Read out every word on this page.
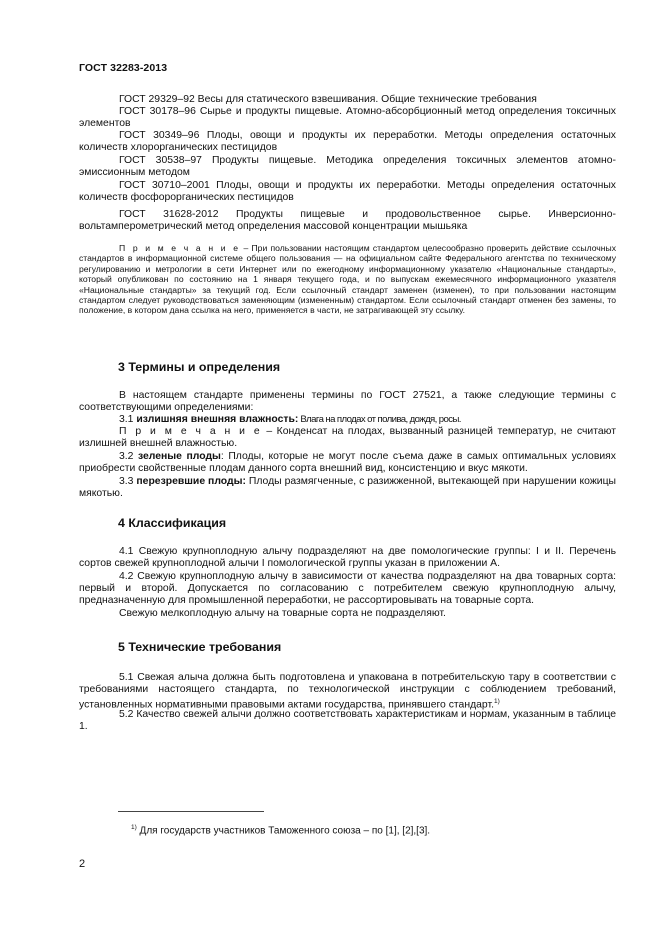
ГОСТ 32283-2013
ГОСТ 29329–92 Весы для статического взвешивания. Общие технические требования
ГОСТ 30178–96 Сырье и продукты пищевые. Атомно-абсорбционный метод определения токсичных элементов
ГОСТ 30349–96 Плоды, овощи и продукты их переработки. Методы определения остаточных количеств хлорорганических пестицидов
ГОСТ 30538–97 Продукты пищевые. Методика определения токсичных элементов атомно-эмиссионным методом
ГОСТ 30710–2001 Плоды, овощи и продукты их переработки. Методы определения остаточных количеств фосфорорганических пестицидов
ГОСТ 31628-2012 Продукты пищевые и продовольственное сырье. Инверсионно-вольтамперометрический метод определения массовой концентрации мышьяка
П р и м е ч а н и е – При пользовании настоящим стандартом целесообразно проверить действие ссылочных стандартов в информационной системе общего пользования — на официальном сайте Федерального агентства по техническому регулированию и метрологии в сети Интернет или по ежегодному информационному указателю «Национальные стандарты», который опубликован по состоянию на 1 января текущего года, и по выпускам ежемесячного информационного указателя «Национальные стандарты» за текущий год. Если ссылочный стандарт заменен (изменен), то при пользовании настоящим стандартом следует руководствоваться заменяющим (измененным) стандартом. Если ссылочный стандарт отменен без замены, то положение, в котором дана ссылка на него, применяется в части, не затрагивающей эту ссылку.
3 Термины и определения
В настоящем стандарте применены термины по ГОСТ 27521, а также следующие термины с соответствующими определениями:
3.1 излишняя внешняя влажность: Влага на плодах от полива, дождя, росы.
П р и м е ч а н и е – Конденсат на плодах, вызванный разницей температур, не считают излишней внешней влажностью.
3.2 зеленые плоды: Плоды, которые не могут после съема даже в самых оптимальных условиях приобрести свойственные плодам данного сорта внешний вид, консистенцию и вкус мякоти.
3.3 перезревшие плоды: Плоды размягченные, с разижженной, вытекающей при нарушении кожицы мякотью.
4 Классификация
4.1 Свежую крупноплодную алычу подразделяют на две помологические группы: I и II. Перечень сортов свежей крупноплодной алычи I помологической группы указан в приложении А.
4.2 Свежую крупноплодную алычу в зависимости от качества подразделяют на два товарных сорта: первый и второй. Допускается по согласованию с потребителем свежую крупноплодную алычу, предназначенную для промышленной переработки, не рассортировывать на товарные сорта.
Свежую мелкоплодную алычу на товарные сорта не подразделяют.
5 Технические требования
5.1 Свежая алыча должна быть подготовлена и упакована в потребительскую тару в соответствии с требованиями настоящего стандарта, по технологической инструкции с соблюдением требований, установленных нормативными правовыми актами государства, принявшего стандарт.$^{1)}$
5.2 Качество свежей алычи должно соответствовать характеристикам и нормам, указанным в таблице 1.
$^{1)}$ Для государств участников Таможенного союза – по [1], [2],[3].
2
